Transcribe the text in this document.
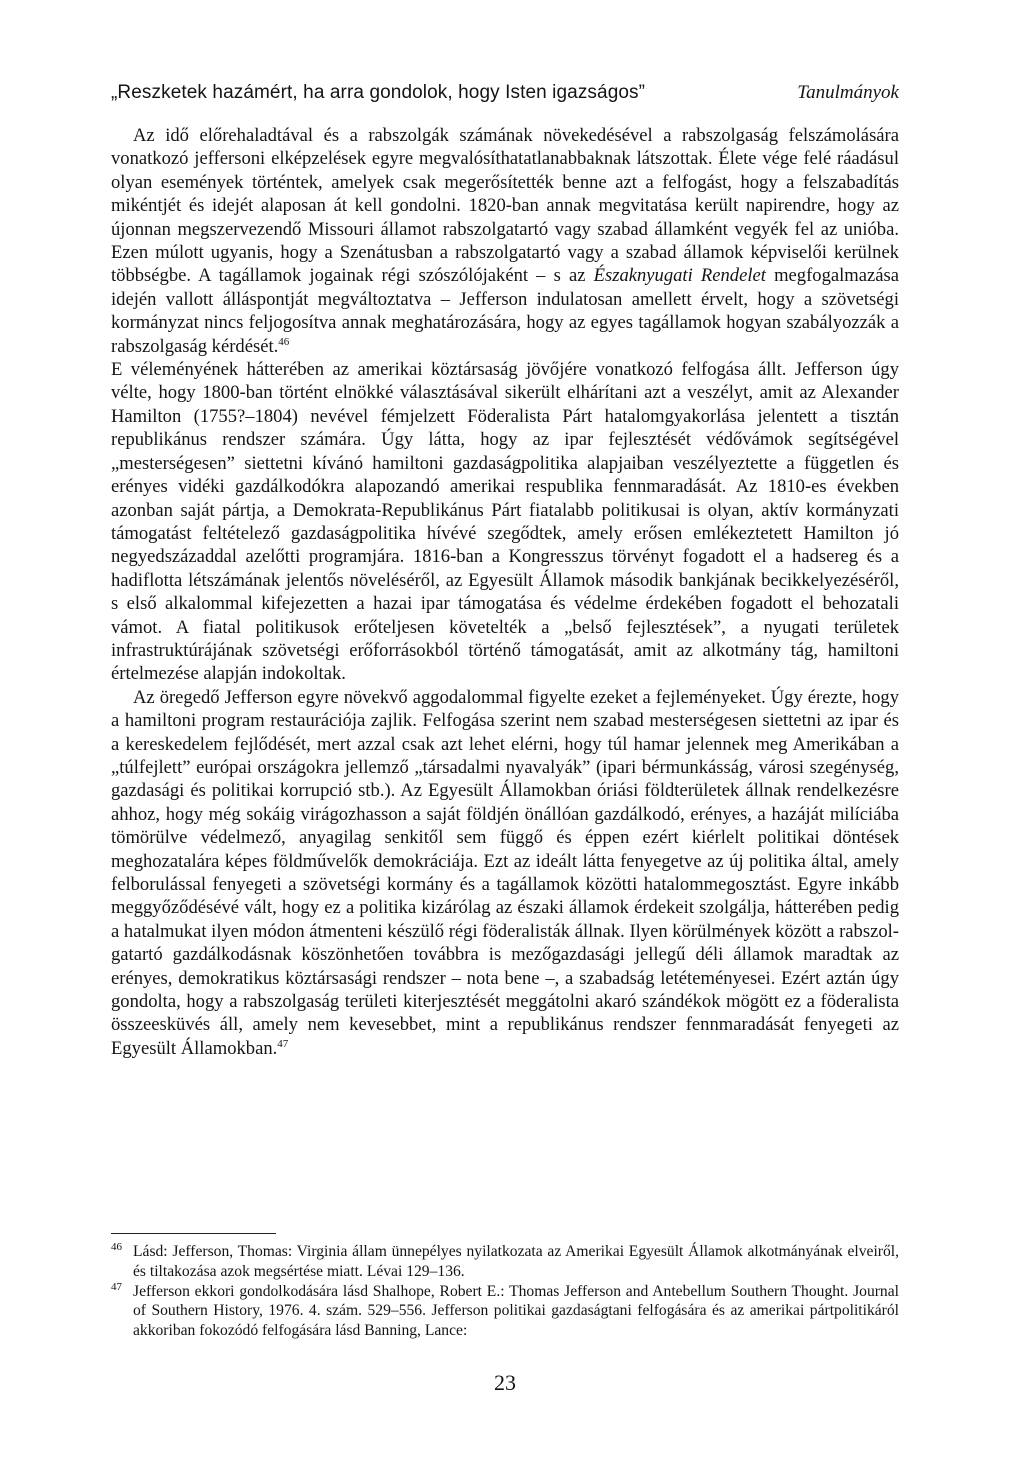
„Reszketek hazámért, ha arra gondolok, hogy Isten igazságos”	Tanulmányok

Az idő előrehaladtával és a rabszolgák számának növekedésével a rabszolgaság felszámolására vonatkozó jeffersoni elképzelések egyre megvalósíthatatlanabbaknak látszottak. Élete vége felé ráadásul olyan események történtek, amelyek csak megerősítették benne azt a felfogást, hogy a felszabadítás mikéntjét és idejét alaposan át kell gondolni. 1820-ban annak megvitatása került napirendre, hogy az újonnan megszervezendő Missouri államot rabszolgatartó vagy szabad államként vegyék fel az unióba. Ezen múlott ugyanis, hogy a Szenátusban a rabszolgatartó vagy a szabad államok képviselői kerülnek többségbe. A tagállamok jogainak régi szószólójaként – s az Északnyugati Rendelet megfogalmazása idején vallott álláspontját megváltoztatva – Jefferson indulatosan amellett érvelt, hogy a szövetségi kormányzat nincs feljogosítva annak meghatározására, hogy az egyes tagállamok hogyan szabályozzák a rabszolgaság kérdését.$^{46}$

E véleményének hátterében az amerikai köztársaság jövőjére vonatkozó felfogása állt. Jefferson úgy vélte, hogy 1800-ban történt elnökké választásával sikerült elhárítani azt a veszélyt, amit az Alexander Hamilton (1755?–1804) nevével fémjelzett Föderalista Párt hatalomgyakorlása jelentett a tisztán republikánus rendszer számára. Úgy látta, hogy az ipar fejlesztését védővámok segítségével „mesterségesen” siettetni kívánó hamiltoni gazdaságpolitika alapjaiban veszélyeztette a független és erényes vidéki gazdálkodókra alapozandó amerikai respublika fennmaradását. Az 1810-es években azonban saját pártja, a Demokrata-Republikánus Párt fiatalabb politikusai is olyan, aktív kormányzati támogatást feltételező gazdaságpolitika hívévé szegődtek, amely erősen emlékeztetett Hamilton jó negyedszázaddal azelőtti programjára. 1816-ban a Kongresszus törvényt fogadott el a hadsereg és a hadiflotta létszámának jelentős növeléséről, az Egyesült Államok második bankjának becikkelyezéséről, s első alkalommal kifejezetten a hazai ipar támogatása és védelme érdekében fogadott el behozatali vámot. A fiatal politikusok erőteljesen követelték a „belső fejlesztések”, a nyugati területek infrastruktúrájának szövetségi erőforrásokból történő támogatását, amit az alkotmány tág, hamiltoni értelmezése alapján indokoltak.

Az öregedő Jefferson egyre növekvő aggodalommal figyelte ezeket a fejleményeket. Úgy érezte, hogy a hamiltoni program restaurációja zajlik. Felfogása szerint nem szabad mesterségesen siettetni az ipar és a kereskedelem fejlődését, mert azzal csak azt lehet elérni, hogy túl hamar jelennek meg Amerikában a „túlfejlett” európai országokra jellemző „társadalmi nyavalyák” (ipari bérmunkásság, városi szegénység, gazdasági és politikai korrupció stb.). Az Egyesült Államokban óriási földterületek állnak rendelkezésre ahhoz, hogy még sokáig virágozhasson a saját földjén önállóan gazdálkodó, erényes, a hazáját milíciába tömörülve védelmező, anyagilag senkitől sem függő és éppen ezért kiérlelt politikai döntések meghozatalára képes földművelők demokráciája. Ezt az ideált látta fenyegetve az új politika által, amely felborulással fenyegeti a szövetségi kormány és a tagállamok közötti hatalommegosztást. Egyre inkább meggyőződésévé vált, hogy ez a politika kizárólag az északi államok érdekeit szolgálja, hátterében pedig a hatalmukat ilyen módon átmenteni készülő régi föderalisták állnak. Ilyen körülmények között a rabszolgatartó gazdálkodásnak köszönhetően továbbra is mezőgazdasági jellegű déli államok maradtak az erényes, demokratikus köztársasági rendszer – nota bene –, a szabadság letéteményesei. Ezért aztán úgy gondolta, hogy a rabszolgaság területi kiterjesztését meggátolni akaró szándékok mögött ez a föderalista összeesküvés áll, amely nem kevesebbet, mint a republikánus rendszer fennmaradását fenyegeti az Egyesült Államokban.$^{47}$

46 Lásd: Jefferson, Thomas: Virginia állam ünnepélyes nyilatkozata az Amerikai Egyesült Államok alkotmányának elveiről, és tiltakozása azok megsértése miatt. Lévai 129–136.

47 Jefferson ekkori gondolkodására lásd Shalhope, Robert E.: Thomas Jefferson and Antebellum Southern Thought. Journal of Southern History, 1976. 4. szám. 529–556. Jefferson politikai gazdaságtani felfogására és az amerikai pártpolitikáról akkoriban fokozódó felfogására lásd Banning, Lance:

23
